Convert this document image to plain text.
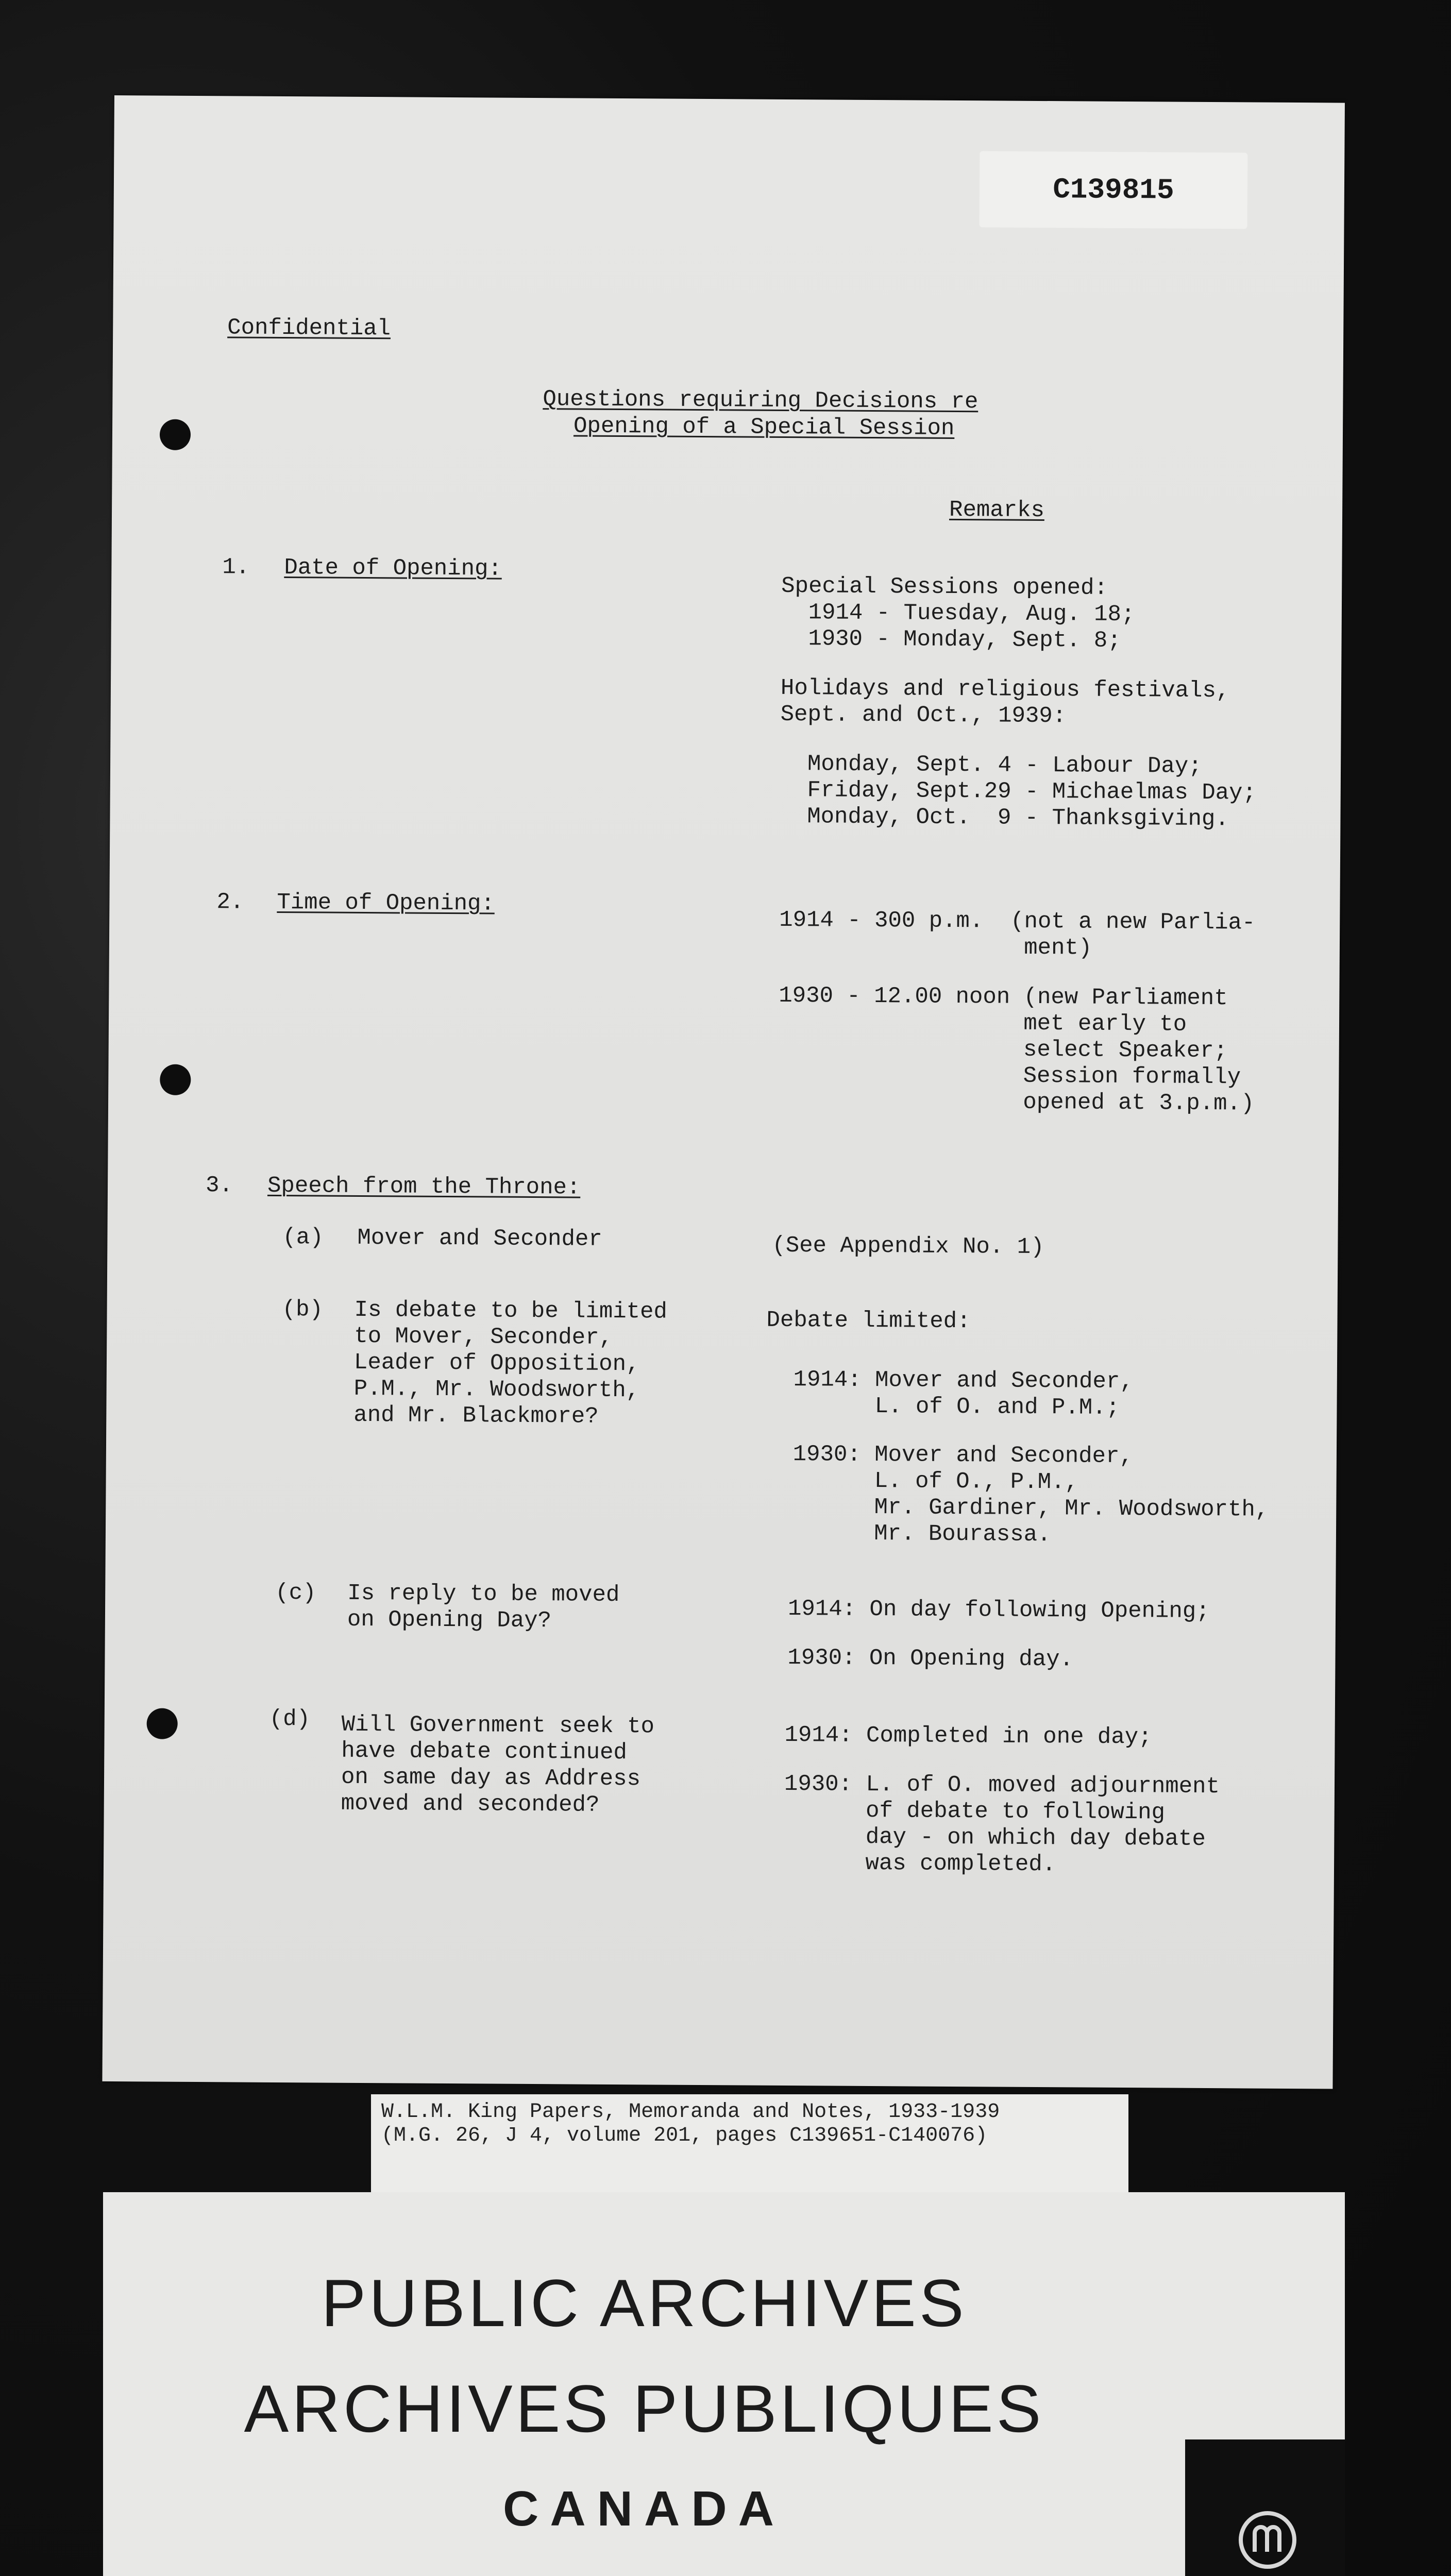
C139815
Confidential
Questions requiring Decisions re
Opening of a Special Session
Remarks
1. Date of Opening:
Special Sessions opened:
1914 - Tuesday, Aug. 18;
1930 - Monday, Sept. 8;
Holidays and religious festivals,
Sept. and Oct., 1939:
Monday, Sept. 4 - Labour Day;
Friday, Sept.29 - Michaelmas Day;
Monday, Oct.  9 - Thanksgiving.
2. Time of Opening:
1914 - 300 p.m.  (not a new Parlia-
ment)
1930 - 12.00 noon (new Parliament
met early to
select Speaker;
Session formally
opened at 3.p.m.)
3. Speech from the Throne:
(a) Mover and Seconder	(See Appendix No. 1)
(b) Is debate to be limited
to Mover, Seconder,
Leader of Opposition,
P.M., Mr. Woodsworth,
and Mr. Blackmore?
Debate limited:
1914: Mover and Seconder,
L. of O. and P.M.;
1930: Mover and Seconder,
L. of O., P.M.,
Mr. Gardiner, Mr. Woodsworth,
Mr. Bourassa.
(c) Is reply to be moved
on Opening Day?	1914: On day following Opening;
1930: On Opening day.
(d) Will Government seek to
have debate continued
on same day as Address
moved and seconded?
1914: Completed in one day;
1930: L. of O. moved adjournment
of debate to following
day - on which day debate
was completed.
W.L.M. King Papers, Memoranda and Notes, 1933-1939
(M.G. 26, J 4, volume 201, pages C139651-C140076)
PUBLIC ARCHIVES
ARCHIVES PUBLIQUES
CANADA
